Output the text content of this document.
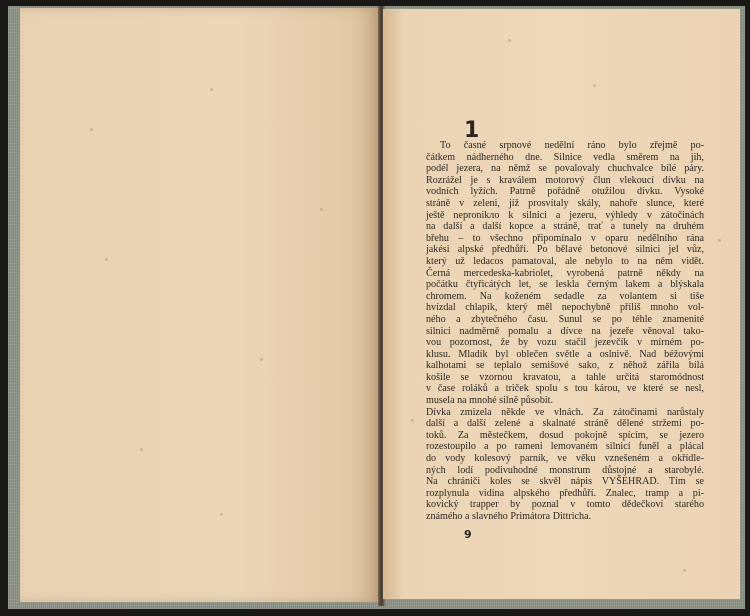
1
To časné srpnové nedělní ráno bylo zřejmě po-
čátkem nádherného dne. Silnice vedla směrem na jih,
podél jezera, na němž se povalovaly chuchvalce bílé páry.
Rozrážel je s kraválem motorový člun vlekoucí dívku na
vodních lyžích. Patrně pořádně otužilou dívku. Vysoké
stráně v zeleni, jíž prosvítaly skály, nahoře slunce, které
ještě nepronikло k silnici a jezeru, výhledy v zátočinách
na další a další kopce a stráně, trať a tunely na druhém
břehu – to všechno připomínalo v oparu nedělního rána
jakési alpské předhůří. Po bělavé betonové silnici jel vůz,
který už ledacos pamatoval, ale nebylo to na něm vidět.
Černá mercedeska-kabriolet, vyrobená patrně někdy na
počátku čtyřicátých let, se leskla černým lakem a blýskala
chromem. Na koženém sedadle za volantem si tiše
hvízdal chlapík, který měl nepochybně příliš mnoho vol-
ného a zbytečného času. Sunul se po téhle znamenité
silnici nadměrně pomalu a dívce na jezeře věnoval tako-
vou pozornost, že by vozu stačil jezevčík v mírném po-
klusu. Mladík byl oblečen světle a oslnivě. Nad béžovými
kalhotami se teplalo semišové sako, z něhož zářila bílá
košile se vzornou kravatou, a tahle určitá staromódnost
v čase roláků a triček spolu s tou károu, ve které se nesl,
musela na mnohé silně působit.
Dívka zmizela někde ve vlnách. Za zátočinami narůstaly
další a další zelené a skalnaté stráně dělené stržemi po-
toků. Za městečkem, dosud pokojně spícím, se jezero
rozestoupilo a po rameni lemovaném silnicí funěl a plácal
do vody kolesový parník, ve věku vznešeném a okřídle-
ných lodí podivuhodné monstrum důstojné a starobylé.
Na chrániči koles se skvěl nápis VYŠEHRAD. Tím se
rozplynula vidina alpského předhůří. Znalec, tramp a pi-
kovický trapper by poznal v tomto dědečkoví starého
známého a slavného Primátora Dittricha.
9
